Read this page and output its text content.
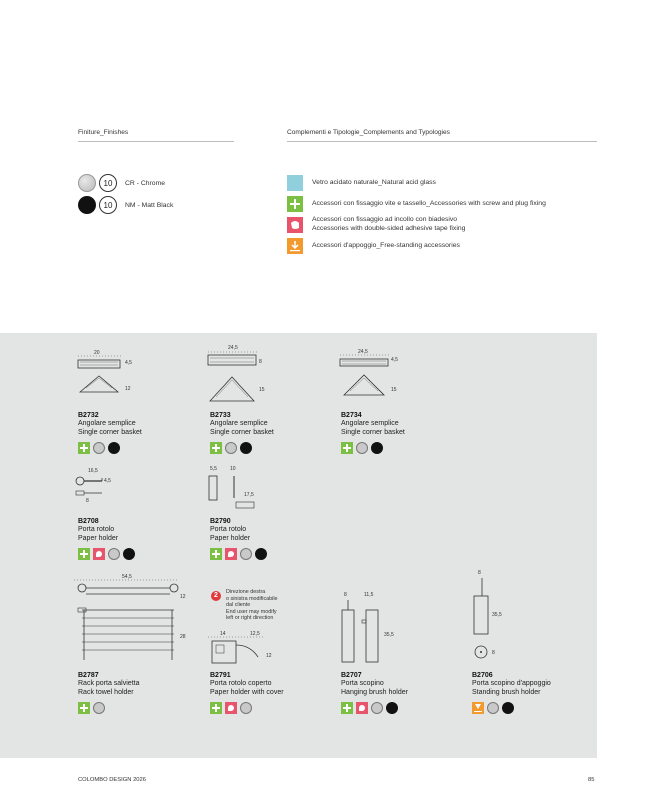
Finiture_Finishes	Complementi e Tipologie_Complements and Typologies
10	CR - Chrome
10	NM - Matt Black
Vetro acidato naturale_Natural acid glass
Accessori con fissaggio vite e tassello_Accessories with screw and plug fixing
Accessori con fissaggio ad incollo con biadesivo
Accessories with double-sided adhesive tape fixing
Accessori d'appoggio_Free-standing accessories
20
4,5
12
24,5
8
15
24,5
4,5
15
B2732
Angolare semplice
Single corner basket
B2733
Angolare semplice
Single corner basket
B2734
Angolare semplice
Single corner basket
16,5
4,5
8
5,5	10
17,5
B2708
Porta rotolo
Paper holder
B2790
Porta rotolo
Paper holder
54,5
12
28
2	Direzione destra
o sinistra modificabile
dal cliente
End user may modify
left or right direction
14	12,5
12
8	11,5
35,5
8
35,5
8
B2787
Rack porta salvietta
Rack towel holder
B2791
Porta rotolo coperto
Paper holder with cover
B2707
Porta scopino
Hanging brush holder
B2706
Porta scopino d'appoggio
Standing brush holder
COLOMBO DESIGN 2026	85
